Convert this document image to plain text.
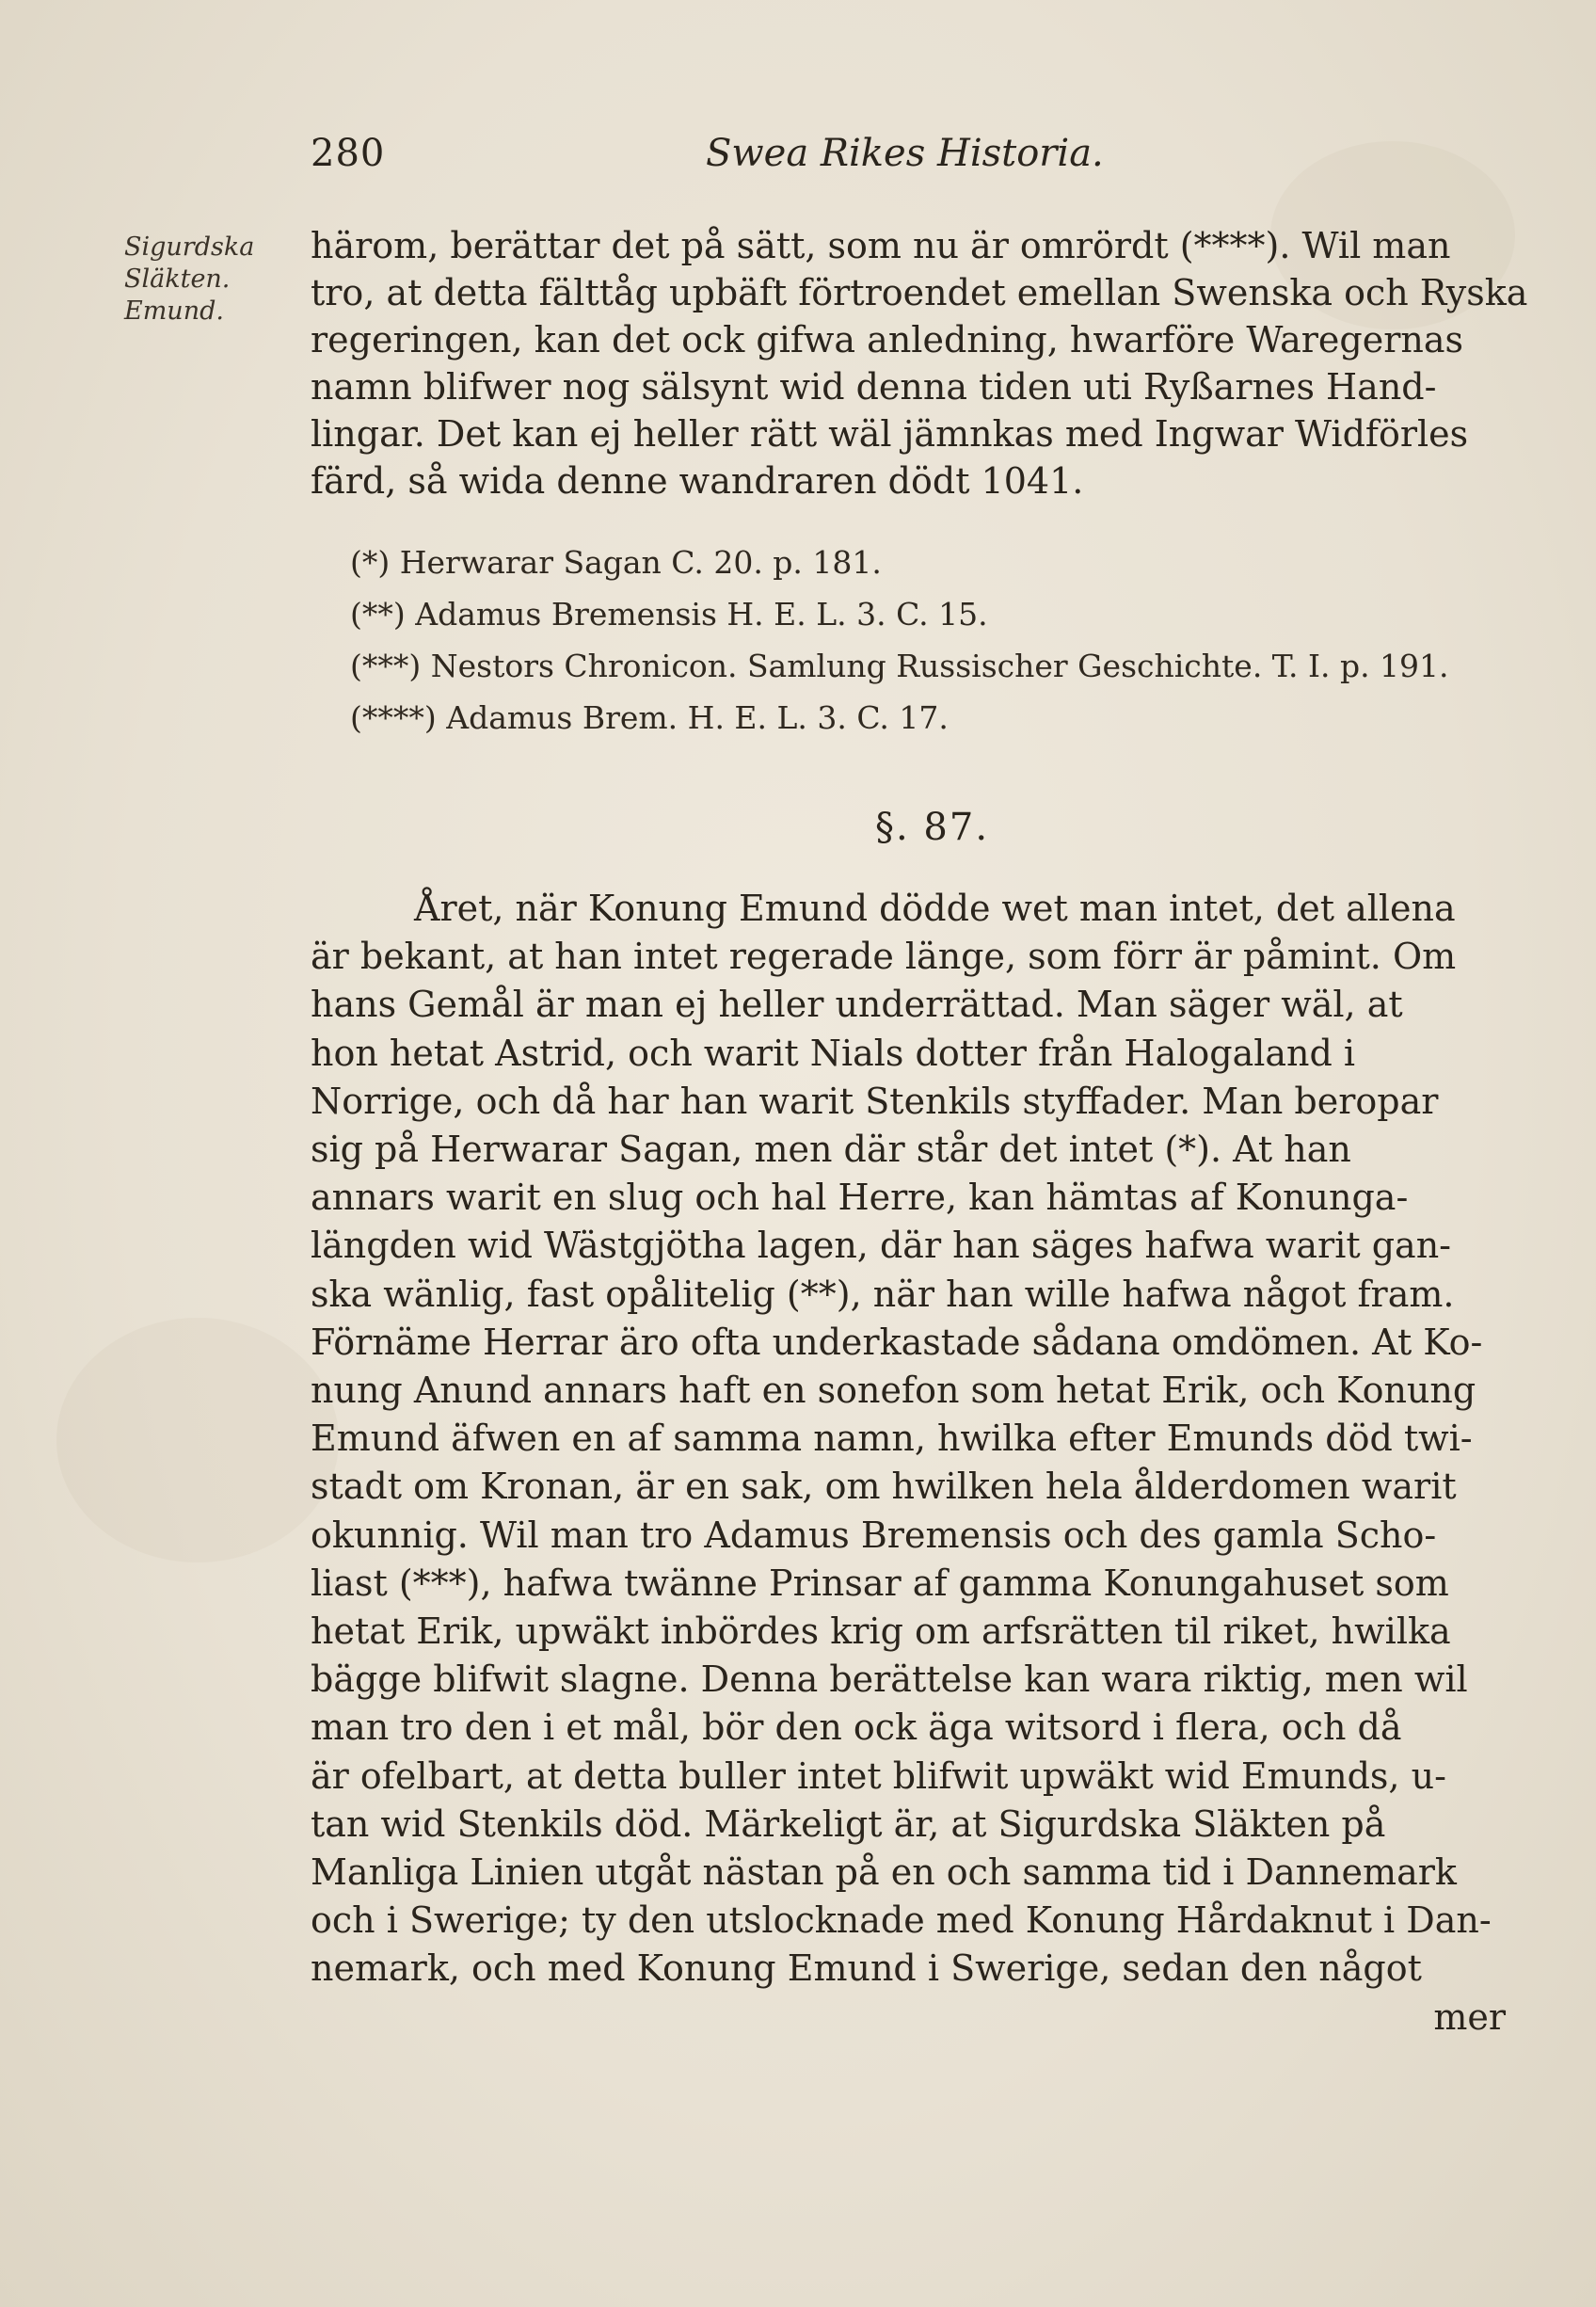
280	Swea Rikes Historia.
Sigurdska
Släkten.
Emund.
härom, berättar det på sätt, som nu är omrördt (****). Wil man
tro, at detta fälttåg upbäft förtroendet emellan Swenska och Ryska
regeringen, kan det ock gifwa anledning, hwarföre Waregernas
namn blifwer nog sälsynt wid denna tiden uti Ryßarnes Hand-
lingar. Det kan ej heller rätt wäl jämnkas med Ingwar Widförles
färd, så wida denne wandraren dödt 1041.
(*) Herwarar Sagan C. 20. p. 181.
(**) Adamus Bremensis H. E. L. 3. C. 15.
(***) Nestors Chronicon. Samlung Russischer Geschichte. T. I. p. 191.
(****) Adamus Brem. H. E. L. 3. C. 17.
§. 87.
Året, när Konung Emund dödde wet man intet, det allena
är bekant, at han intet regerade länge, som förr är påmint. Om
hans Gemål är man ej heller underrättad. Man säger wäl, at
hon hetat Astrid, och warit Nials dotter från Halogaland i
Norrige, och då har han warit Stenkils styffader. Man beropar
sig på Herwarar Sagan, men där står det intet (*). At han
annars warit en slug och hal Herre, kan hämtas af Konunga-
längden wid Wästgjötha lagen, där han säges hafwa warit gan-
ska wänlig, fast opålitelig (**), när han wille hafwa något fram.
Förnäme Herrar äro ofta underkastade sådana omdömen. At Ko-
nung Anund annars haft en sonefon som hetat Erik, och Konung
Emund äfwen en af samma namn, hwilka efter Emunds död twi-
stadt om Kronan, är en sak, om hwilken hela ålderdomen warit
okunnig. Wil man tro Adamus Bremensis och des gamla Scho-
liast (***), hafwa twänne Prinsar af gamma Konungahuset som
hetat Erik, upwäkt inbördes krig om arfsrätten til riket, hwilka
bägge blifwit slagne. Denna berättelse kan wara riktig, men wil
man tro den i et mål, bör den ock äga witsord i flera, och då
är ofelbart, at detta buller intet blifwit upwäkt wid Emunds, u-
tan wid Stenkils död. Märkeligt är, at Sigurdska Släkten på
Manliga Linien utgåt nästan på en och samma tid i Dannemark
och i Swerige; ty den utslocknade med Konung Hårdaknut i Dan-
nemark, och med Konung Emund i Swerige, sedan den något
mer
